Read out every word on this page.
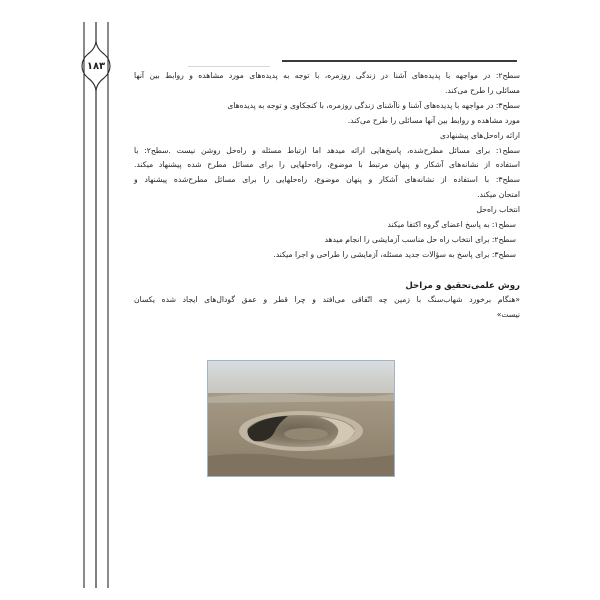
۱۸۳
سطح۲: در مواجهه با پدیده‌های آشنا در زندگی روزمره، با توجه به پدیده‌های مورد مشاهده و روابط بین آنها
مسائلی را طرح می‌کند.
سطح۳: در مواجهه با پدیده‌های آشنا و ناآشنای زندگی روزمره، با کنجکاوی و توجه به پدیده‌های
مورد مشاهده و روابط بین آنها مسائلی را طرح می‌کند.
ارائه راه‌حل‌های پیشنهادی
سطح۱: برای مسائل مطرح‌شده، پاسخ‌هایی ارائه میدهد اما ارتباط مسئله و راه‌حل روشن نیست .سطح۲: با
استفاده از نشانه‌های آشکار و پنهان مرتبط با موضوع، راه‌حلهایی را برای مسائل مطرح شده پیشنهاد میکند.
سطح۳: با استفاده از نشانه‌های آشکار و پنهان موضوع، راه‌حلهایی را برای مسائل مطرح‌شده پیشنهاد و
امتحان میکند.
انتخاب راه‌حل
سطح۱: به پاسخ اعضای گروه اکتفا میکند
سطح۲: برای انتخاب راه حل مناسب آزمایشی را انجام میدهد
سطح۳: برای پاسخ به سؤالات جدید مسئله، آزمایشی را طراحی و اجرا میکند.
روش علمی‌تحقیق و مراحل
«هنگام برخورد شهاب‌سنگ با زمین چه اتّفاقی می‌افتد و چرا قطر و عمق گودال‌های ایجاد شده یکسان
نیست»
